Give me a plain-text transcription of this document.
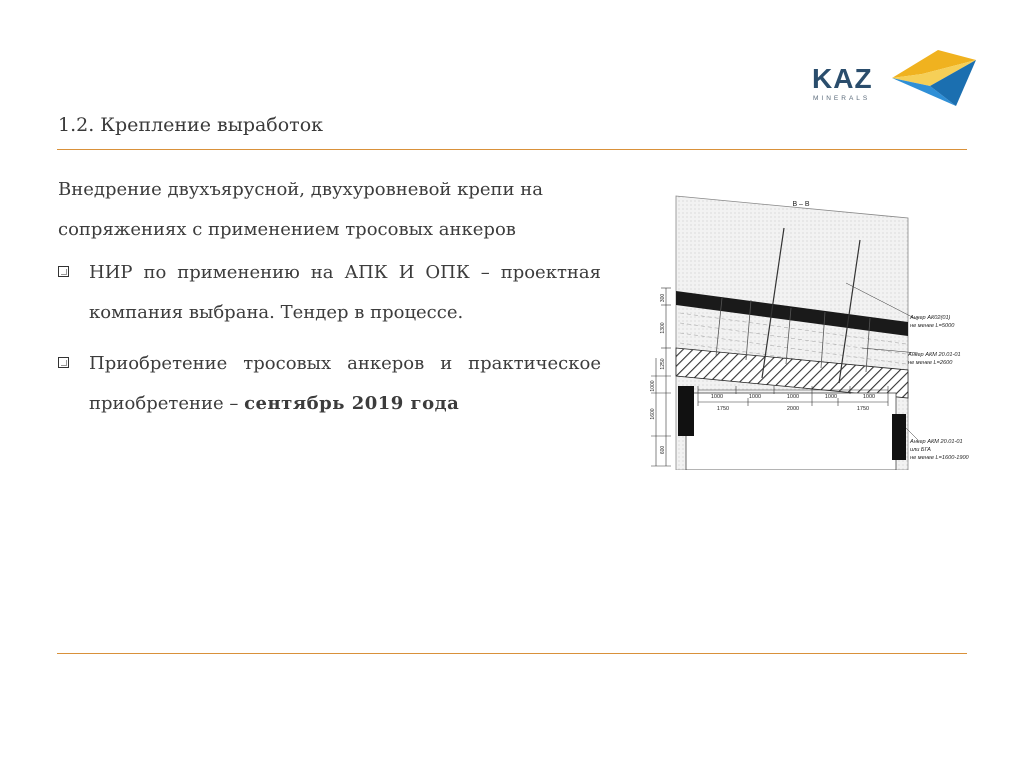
1.2. Крепление выработок
KAZ
MINERALS

Внедрение двухъярусной, двухуровневой крепи на сопряжениях с применением тросовых анкеров

НИР по применению на АПК И ОПК – проектная компания выбрана. Тендер в процессе.
Приобретение тросовых анкеров и практическое приобретение – сентябрь 2019 года	1000	1000	1000	1000	1000
1750	2000	1750
300
1300
1250
1000
1600
600
В – В
Анкер АК02(01)
не менее L=5000
Анкер АКМ 20.01-01
не менее L=2600
Анкер АКМ 20.01-01
или БГА
не менее L=1600-1900
